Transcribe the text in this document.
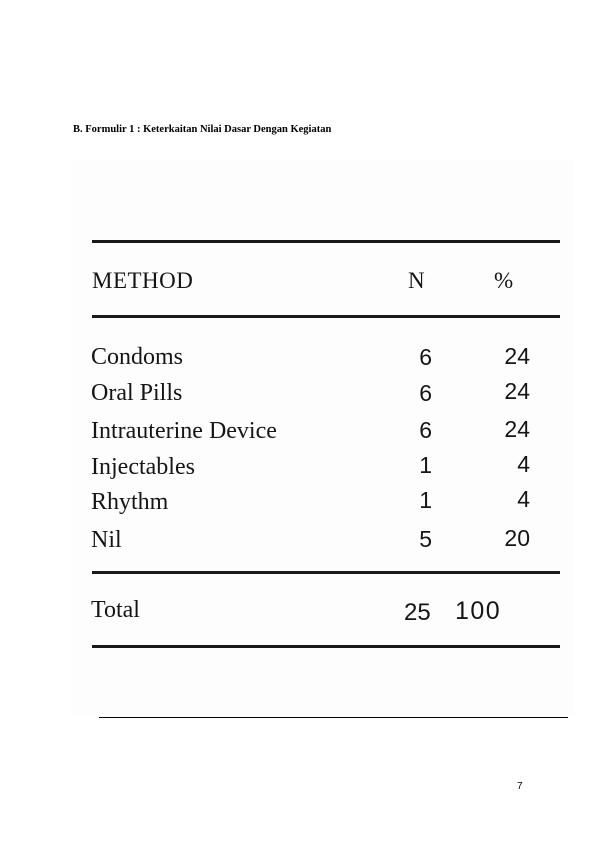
B. Formulir 1 : Keterkaitan Nilai Dasar Dengan Kegiatan
METHOD	N	%
Condoms	6	24
Oral Pills	6	24
Intrauterine Device	6	24
Injectables	1	4
Rhythm	1	4
Nil	5	20
Total	25 100
7
